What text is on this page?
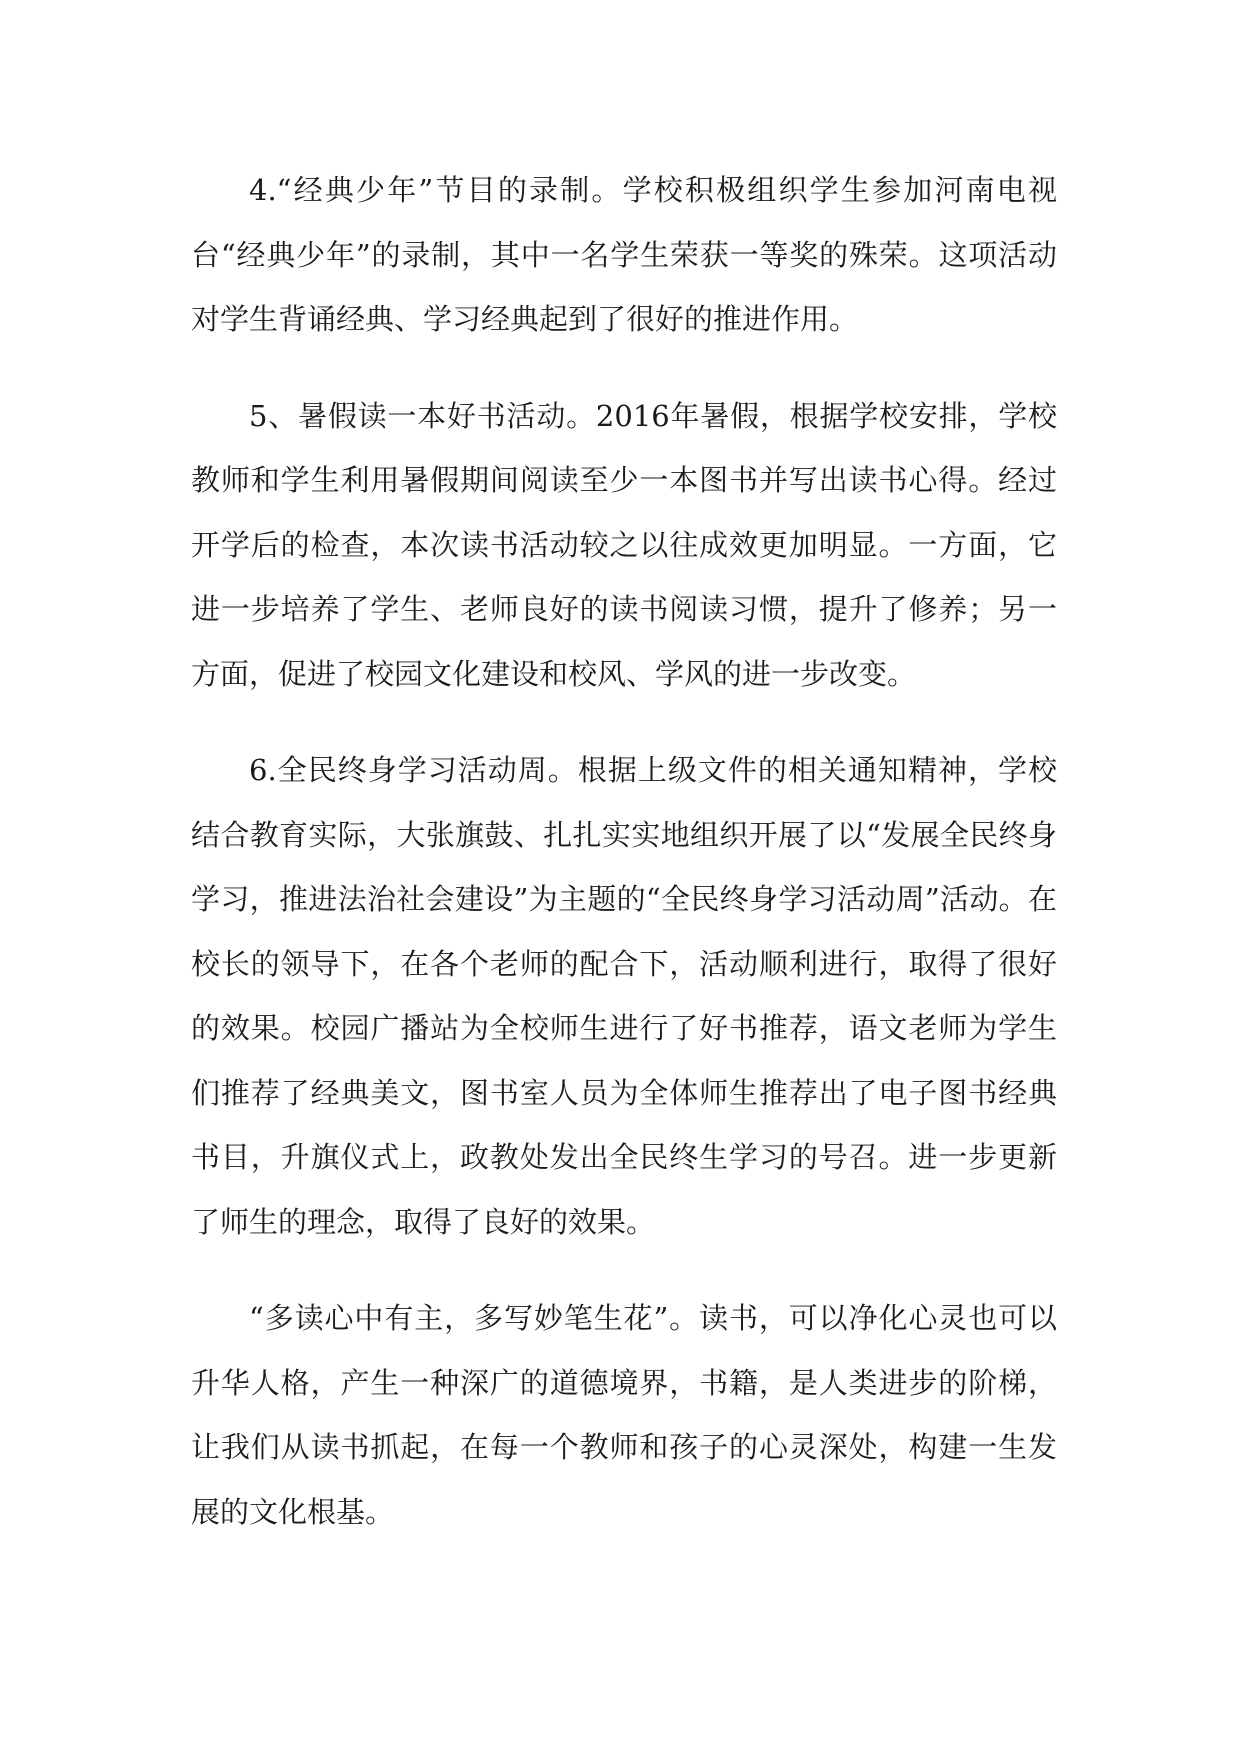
4.“经典少年”节目的录制。学校积极组织学生参加河南电视台“经典少年”的录制，其中一名学生荣获一等奖的殊荣。这项活动对学生背诵经典、学习经典起到了很好的推进作用。

5、暑假读一本好书活动。2016年暑假，根据学校安排，学校教师和学生利用暑假期间阅读至少一本图书并写出读书心得。经过开学后的检查，本次读书活动较之以往成效更加明显。一方面，它进一步培养了学生、老师良好的读书阅读习惯，提升了修养；另一方面，促进了校园文化建设和校风、学风的进一步改变。

6.全民终身学习活动周。根据上级文件的相关通知精神，学校结合教育实际，大张旗鼓、扎扎实实地组织开展了以“发展全民终身学习，推进法治社会建设”为主题的“全民终身学习活动周”活动。在校长的领导下，在各个老师的配合下，活动顺利进行，取得了很好的效果。校园广播站为全校师生进行了好书推荐，语文老师为学生们推荐了经典美文，图书室人员为全体师生推荐出了电子图书经典书目，升旗仪式上，政教处发出全民终生学习的号召。进一步更新了师生的理念，取得了良好的效果。

“多读心中有主，多写妙笔生花”。读书，可以净化心灵也可以升华人格，产生一种深广的道德境界，书籍，是人类进步的阶梯，让我们从读书抓起，在每一个教师和孩子的心灵深处，构建一生发展的文化根基。
